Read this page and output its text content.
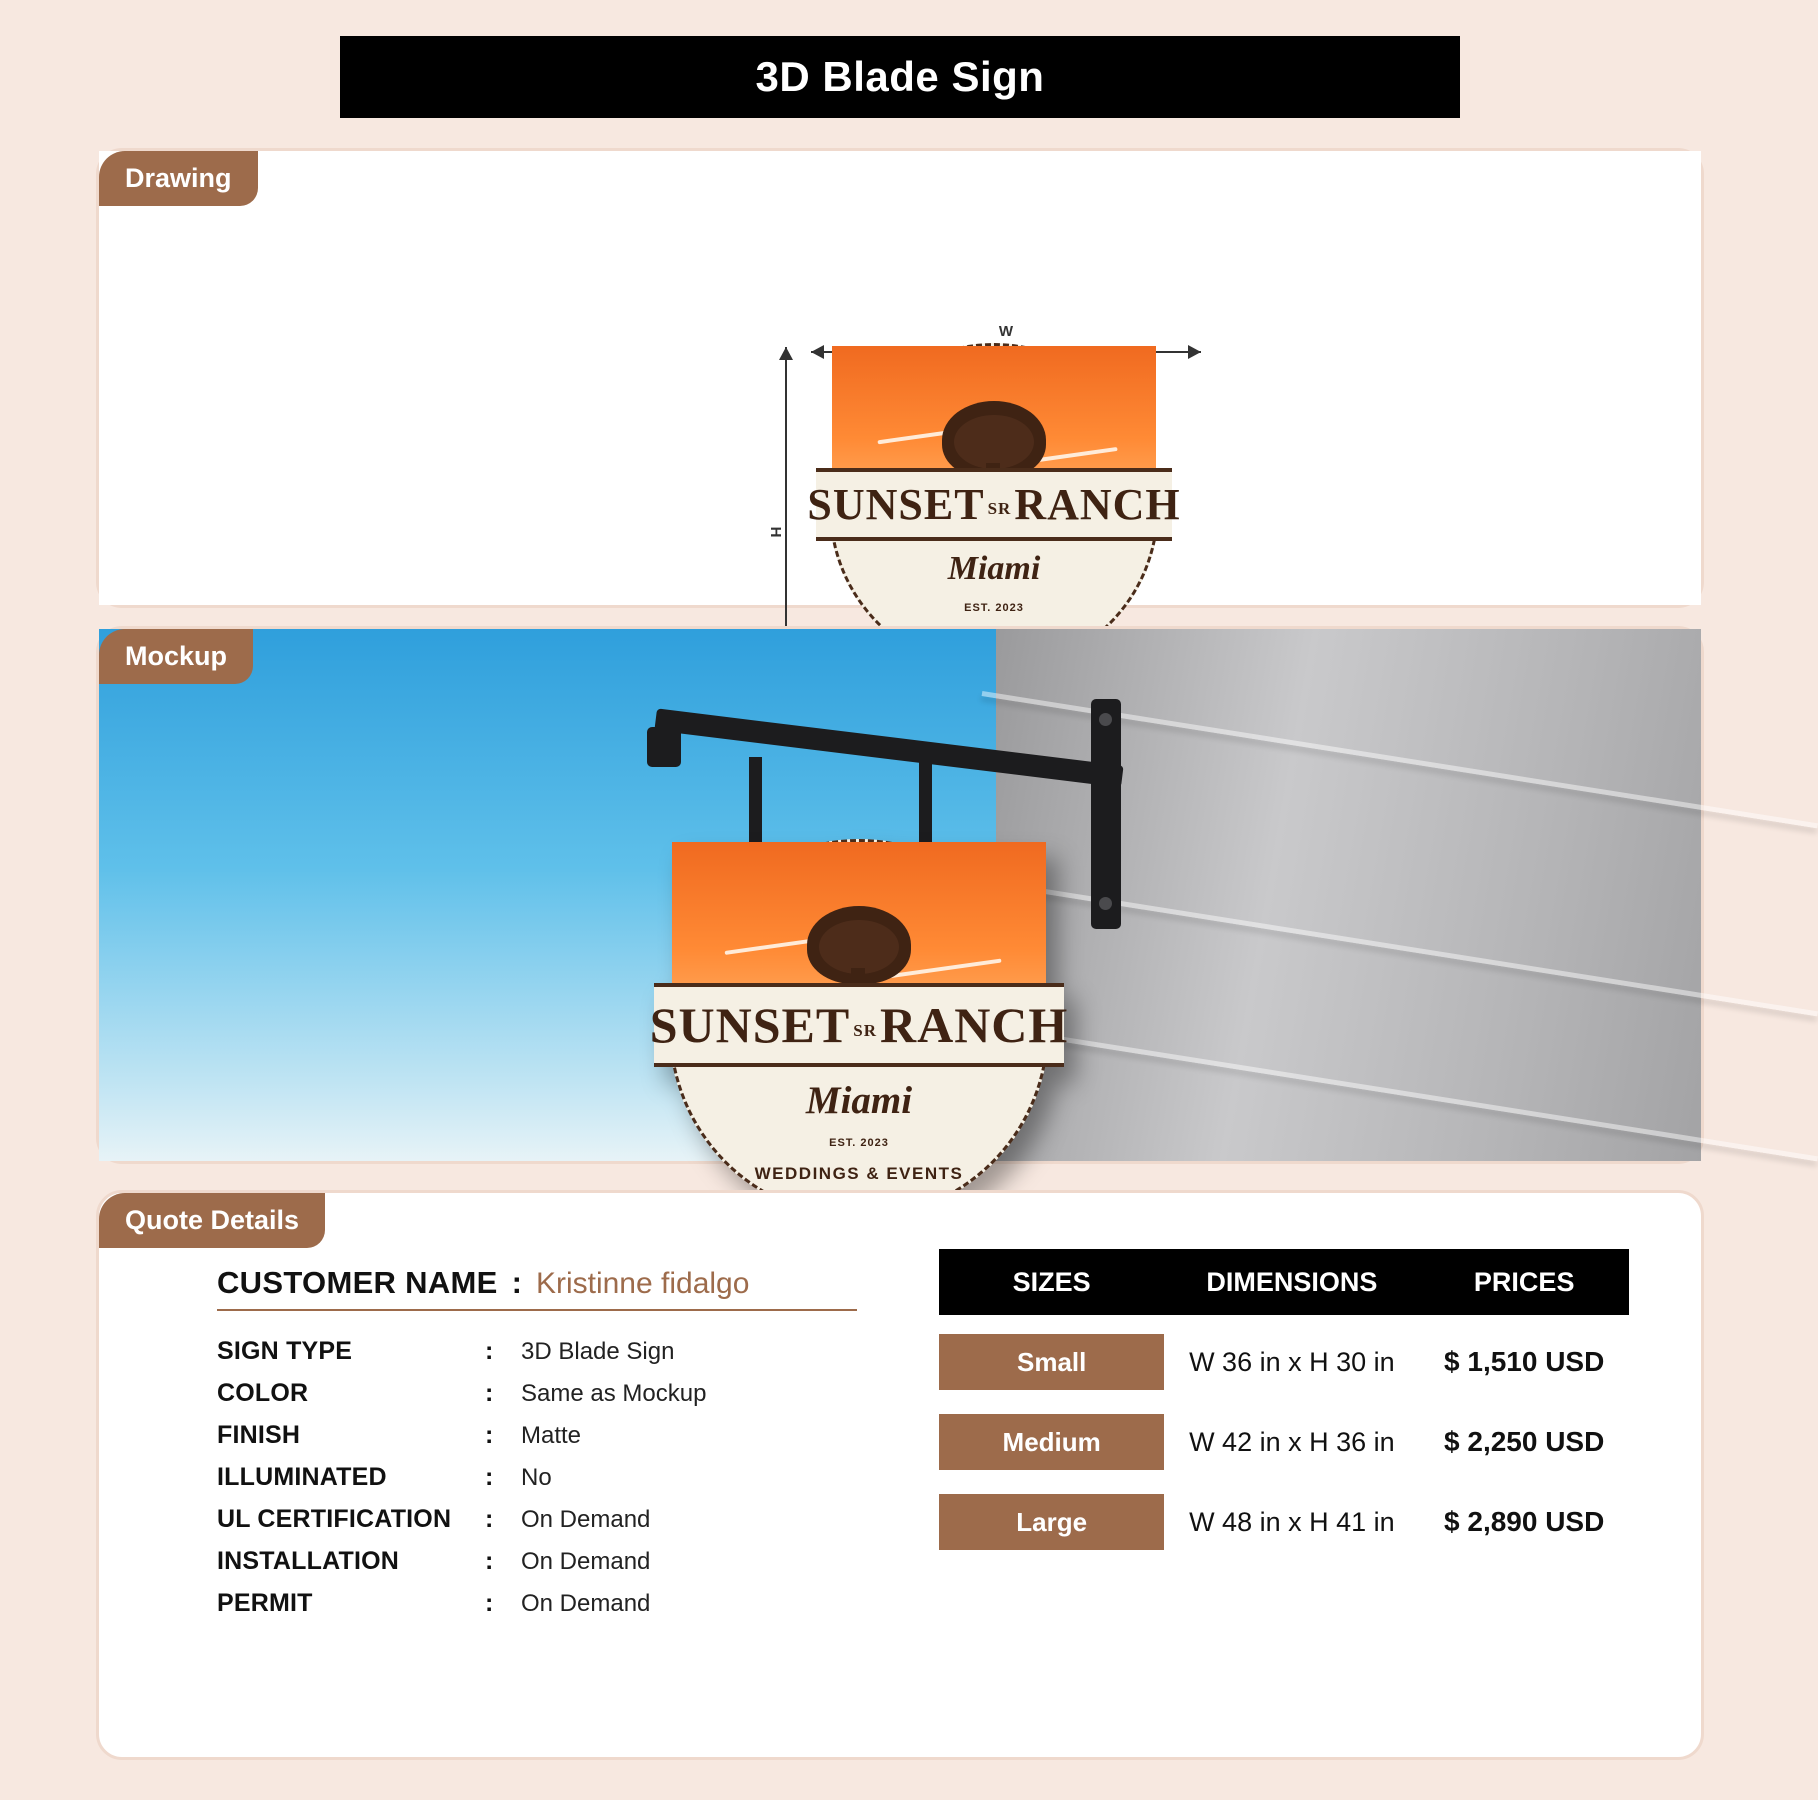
3D Blade Sign
W
H
Miami
EST. 2023
SUNSET SRRANCH
Drawing
Miami
EST. 2023
WEDDINGS & EVENTS
SUNSET SRRANCH
Mockup
CUSTOMER NAME : Kristinne fidalgo
SIGN TYPE	:	3D Blade Sign
COLOR	:	Same as Mockup
FINISH	:	Matte
ILLUMINATED	:	No
UL CERTIFICATION	:	On Demand
INSTALLATION	:	On Demand
PERMIT	:	On Demand
SIZES	DIMENSIONS	PRICES
Small	W 36 in x H 30 in	$ 1,510 USD
Medium	W 42 in x H 36 in	$ 2,250 USD
Large	W 48 in x H 41 in	$ 2,890 USD
Quote Details
